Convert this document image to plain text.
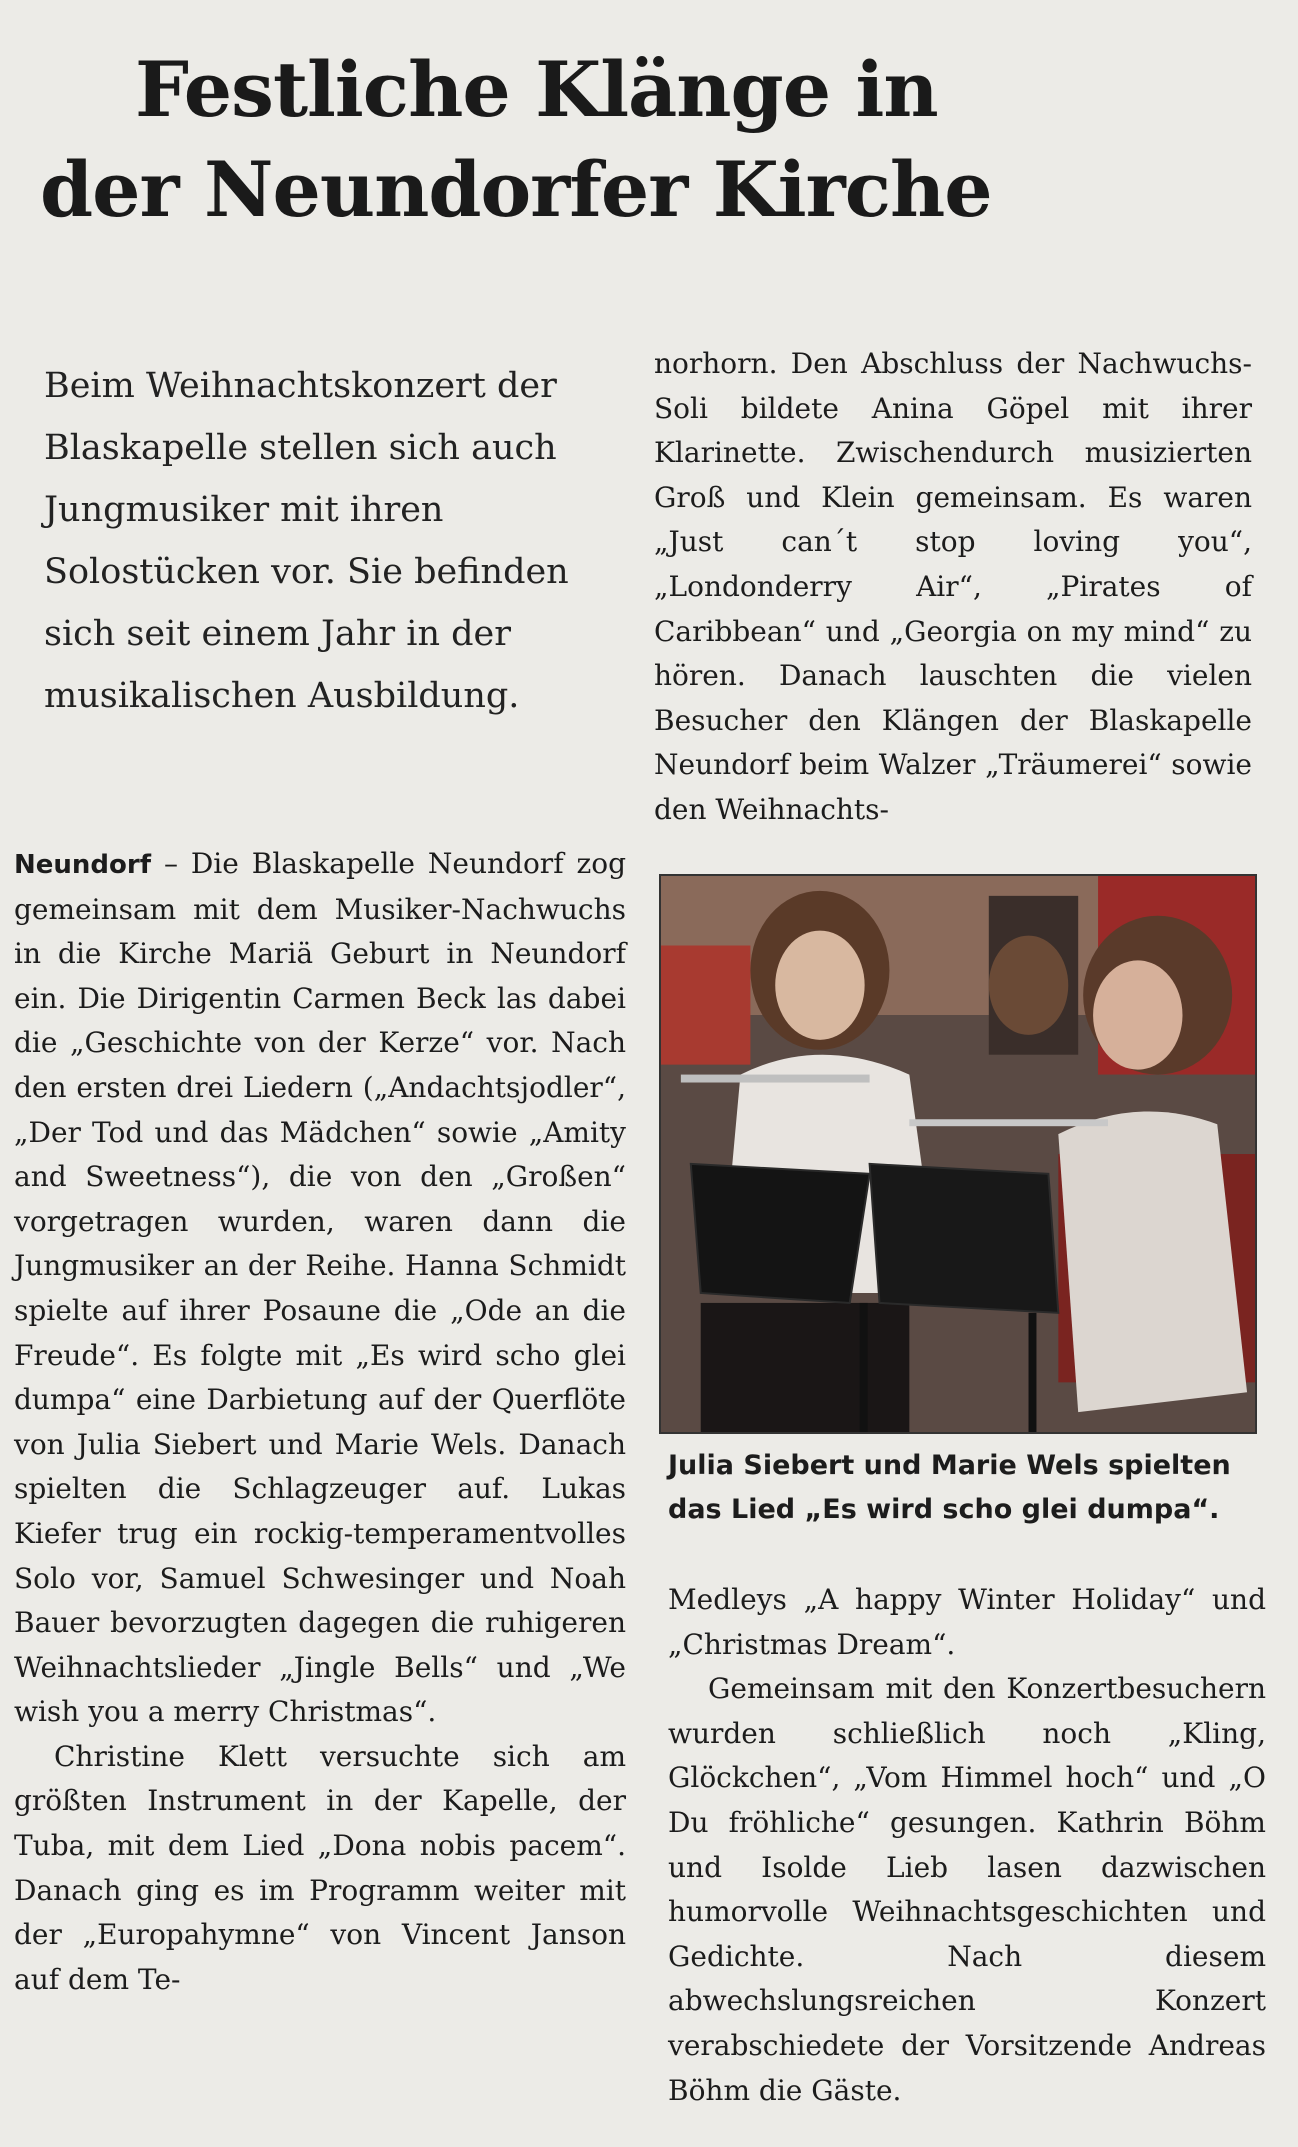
Festliche Klänge in
der Neundorfer Kirche
Beim Weihnachtskonzert der Blaskapelle stellen sich auch Jungmusiker mit ihren Solostücken vor. Sie befinden sich seit einem Jahr in der musikalischen Ausbildung.

Neundorf – Die Blaskapelle Neundorf zog gemeinsam mit dem Musiker-Nachwuchs in die Kirche Mariä Geburt in Neundorf ein. Die Dirigentin Carmen Beck las dabei die „Geschichte von der Kerze“ vor. Nach den ersten drei Liedern („Andachtsjodler“, „Der Tod und das Mädchen“ sowie „Amity and Sweetness“), die von den „Großen“ vorgetragen wurden, waren dann die Jungmusiker an der Reihe. Hanna Schmidt spielte auf ihrer Posaune die „Ode an die Freude“. Es folgte mit „Es wird scho glei dumpa“ eine Darbietung auf der Querflöte von Julia Siebert und Marie Wels. Danach spielten die Schlagzeuger auf. Lukas Kiefer trug ein rockig-temperamentvolles Solo vor, Samuel Schwesinger und Noah Bauer bevorzugten dagegen die ruhigeren Weihnachtslieder „Jingle Bells“ und „We wish you a merry Christmas“.

Christine Klett versuchte sich am größten Instrument in der Kapelle, der Tuba, mit dem Lied „Dona nobis pacem“. Danach ging es im Programm weiter mit der „Europahymne“ von Vincent Janson auf dem Te-

norhorn. Den Abschluss der Nachwuchs-Soli bildete Anina Göpel mit ihrer Klarinette. Zwischendurch musizierten Groß und Klein gemeinsam. Es waren „Just can´t stop loving you“, „Londonderry Air“, „Pirates of Caribbean“ und „Georgia on my mind“ zu hören. Danach lauschten die vielen Besucher den Klängen der Blaskapelle Neundorf beim Walzer „Träumerei“ sowie den Weihnachts-

Julia Siebert und Marie Wels spielten das Lied „Es wird scho glei dumpa“.

Medleys „A happy Winter Holiday“ und „Christmas Dream“.

Gemeinsam mit den Konzertbesuchern wurden schließlich noch „Kling, Glöckchen“, „Vom Himmel hoch“ und „O Du fröhliche“ gesungen. Kathrin Böhm und Isolde Lieb lasen dazwischen humorvolle Weihnachtsgeschichten und Gedichte. Nach diesem abwechslungsreichen Konzert verabschiedete der Vorsitzende Andreas Böhm die Gäste.
